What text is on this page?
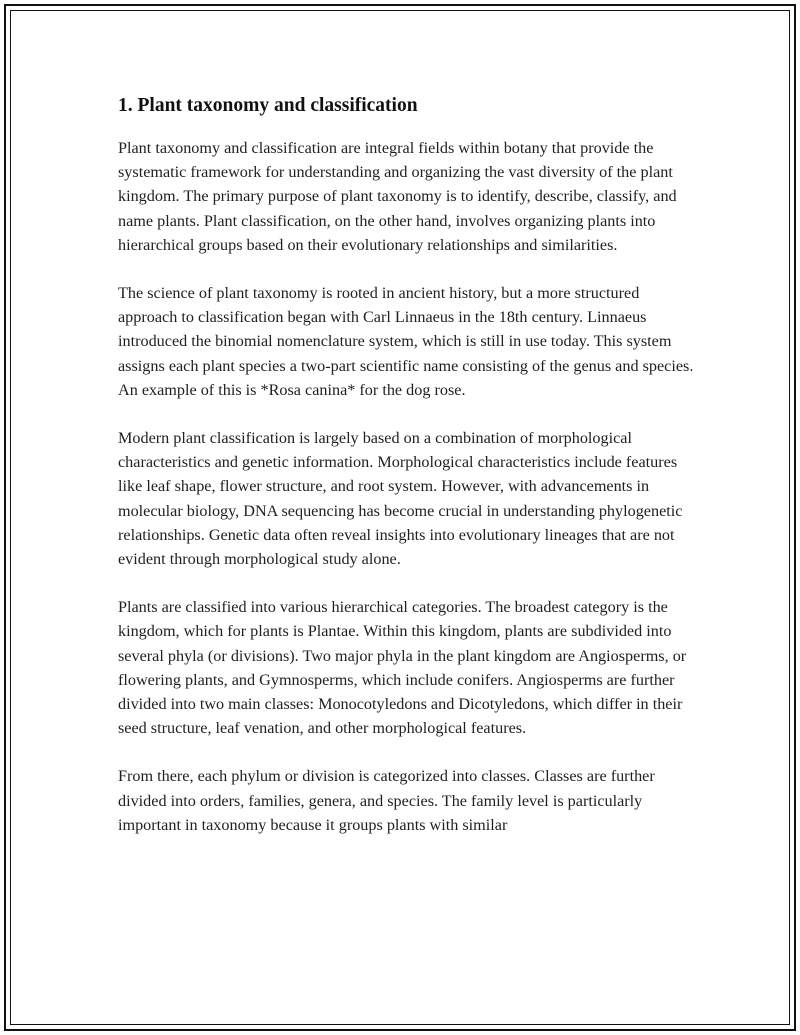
1. Plant taxonomy and classification

Plant taxonomy and classification are integral fields within botany that provide the systematic framework for understanding and organizing the vast diversity of the plant kingdom. The primary purpose of plant taxonomy is to identify, describe, classify, and name plants. Plant classification, on the other hand, involves organizing plants into hierarchical groups based on their evolutionary relationships and similarities.

The science of plant taxonomy is rooted in ancient history, but a more structured approach to classification began with Carl Linnaeus in the 18th century. Linnaeus introduced the binomial nomenclature system, which is still in use today. This system assigns each plant species a two-part scientific name consisting of the genus and species. An example of this is *Rosa canina* for the dog rose.

Modern plant classification is largely based on a combination of morphological characteristics and genetic information. Morphological characteristics include features like leaf shape, flower structure, and root system. However, with advancements in molecular biology, DNA sequencing has become crucial in understanding phylogenetic relationships. Genetic data often reveal insights into evolutionary lineages that are not evident through morphological study alone.

Plants are classified into various hierarchical categories. The broadest category is the kingdom, which for plants is Plantae. Within this kingdom, plants are subdivided into several phyla (or divisions). Two major phyla in the plant kingdom are Angiosperms, or flowering plants, and Gymnosperms, which include conifers. Angiosperms are further divided into two main classes: Monocotyledons and Dicotyledons, which differ in their seed structure, leaf venation, and other morphological features.

From there, each phylum or division is categorized into classes. Classes are further divided into orders, families, genera, and species. The family level is particularly important in taxonomy because it groups plants with similar
